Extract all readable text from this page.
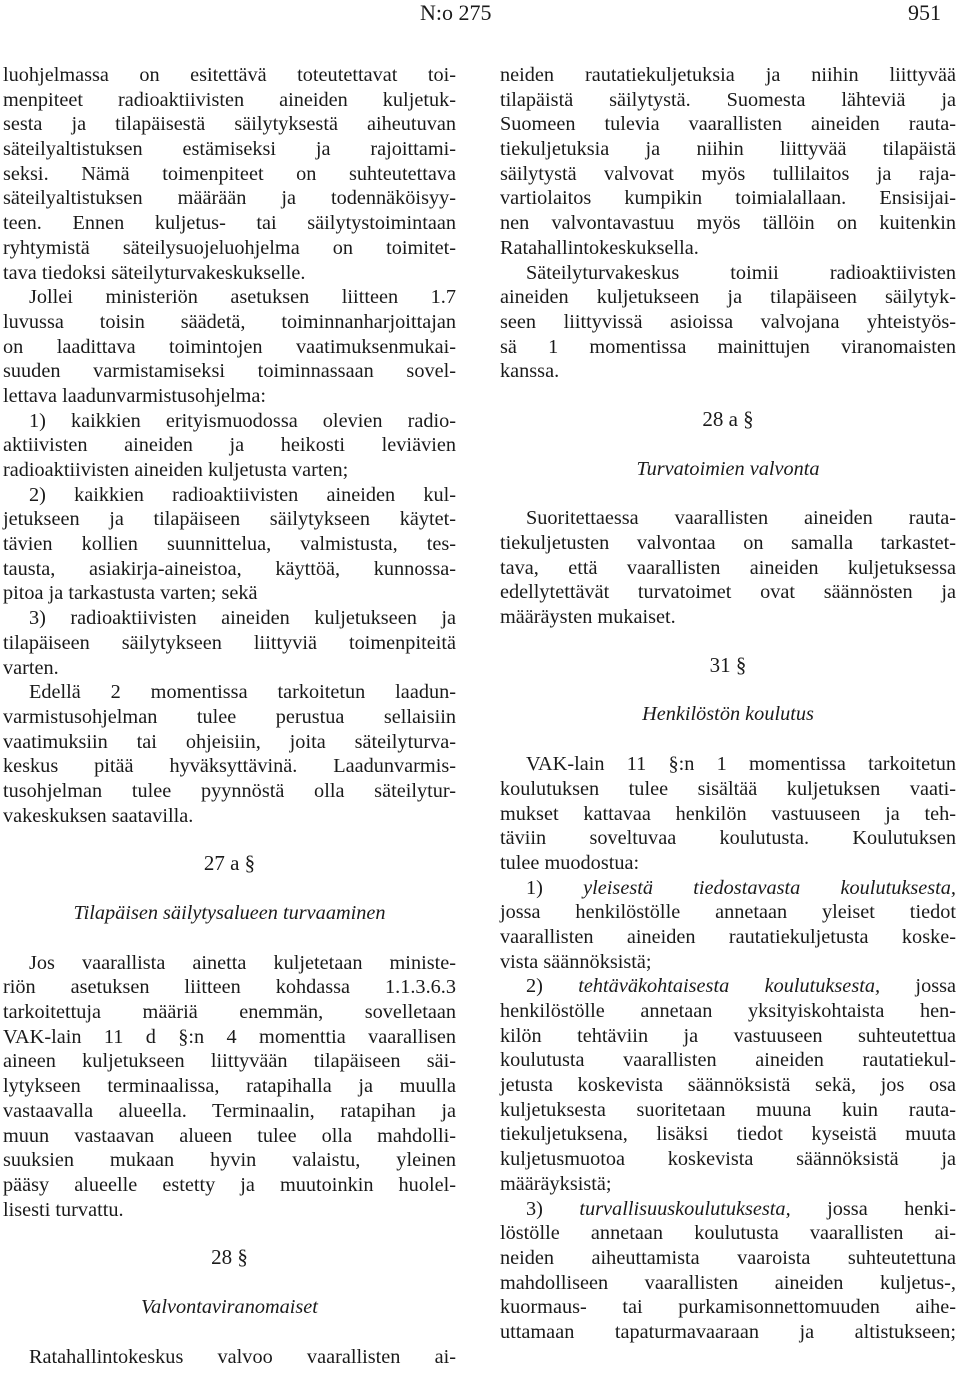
N:o 275	951
luohjelmassa on esitettävä toteutettavat toi-
menpiteet radioaktiivisten aineiden kuljetuk-
sesta ja tilapäisestä säilytyksestä aiheutuvan
säteilyaltistuksen estämiseksi ja rajoittami-
seksi. Nämä toimenpiteet on suhteutettava
säteilyaltistuksen määrään ja todennäköisyy-
teen. Ennen kuljetus- tai säilytystoimintaan
ryhtymistä säteilysuojeluohjelma on toimitet-
tava tiedoksi säteilyturvakeskukselle.
Jollei ministeriön asetuksen liitteen 1.7
luvussa toisin säädetä, toiminnanharjoittajan
on laadittava toimintojen vaatimuksenmukai-
suuden varmistamiseksi toiminnassaan sovel-
lettava laadunvarmistusohjelma:
1) kaikkien erityismuodossa olevien radio-
aktiivisten aineiden ja heikosti leviävien
radioaktiivisten aineiden kuljetusta varten;
2) kaikkien radioaktiivisten aineiden kul-
jetukseen ja tilapäiseen säilytykseen käytet-
tävien kollien suunnittelua, valmistusta, tes-
tausta, asiakirja-aineistoa, käyttöä, kunnossa-
pitoa ja tarkastusta varten; sekä
3) radioaktiivisten aineiden kuljetukseen ja
tilapäiseen säilytykseen liittyviä toimenpiteitä
varten.
Edellä 2 momentissa tarkoitetun laadun-
varmistusohjelman tulee perustua sellaisiin
vaatimuksiin tai ohjeisiin, joita säteilyturva-
keskus pitää hyväksyttävinä. Laadunvarmis-
tusohjelman tulee pyynnöstä olla säteilytur-
vakeskuksen saatavilla.
27 a §
Tilapäisen säilytysalueen turvaaminen
Jos vaarallista ainetta kuljetetaan ministe-
riön asetuksen liitteen kohdassa 1.1.3.6.3
tarkoitettuja määriä enemmän, sovelletaan
VAK-lain 11 d §:n 4 momenttia vaarallisen
aineen kuljetukseen liittyvään tilapäiseen säi-
lytykseen terminaalissa, ratapihalla ja muulla
vastaavalla alueella. Terminaalin, ratapihan ja
muun vastaavan alueen tulee olla mahdolli-
suuksien mukaan hyvin valaistu, yleinen
pääsy alueelle estetty ja muutoinkin huolel-
lisesti turvattu.
28 §
Valvontaviranomaiset
Ratahallintokeskus valvoo vaarallisten ai-
neiden rautatiekuljetuksia ja niihin liittyvää
tilapäistä säilytystä. Suomesta lähteviä ja
Suomeen tulevia vaarallisten aineiden rauta-
tiekuljetuksia ja niihin liittyvää tilapäistä
säilytystä valvovat myös tullilaitos ja raja-
vartiolaitos kumpikin toimialallaan. Ensisijai-
nen valvontavastuu myös tällöin on kuitenkin
Ratahallintokeskuksella.
Säteilyturvakeskus toimii radioaktiivisten
aineiden kuljetukseen ja tilapäiseen säilytyk-
seen liittyvissä asioissa valvojana yhteistyös-
sä 1 momentissa mainittujen viranomaisten
kanssa.
28 a §
Turvatoimien valvonta
Suoritettaessa vaarallisten aineiden rauta-
tiekuljetusten valvontaa on samalla tarkastet-
tava, että vaarallisten aineiden kuljetuksessa
edellytettävät turvatoimet ovat säännösten ja
määräysten mukaiset.
31 §
Henkilöstön koulutus
VAK-lain 11 §:n 1 momentissa tarkoitetun
koulutuksen tulee sisältää kuljetuksen vaati-
mukset kattavaa henkilön vastuuseen ja teh-
täviin soveltuvaa koulutusta. Koulutuksen
tulee muodostua:
1) yleisestä tiedostavasta koulutuksesta,
jossa henkilöstölle annetaan yleiset tiedot
vaarallisten aineiden rautatiekuljetusta koske-
vista säännöksistä;
2) tehtäväkohtaisesta koulutuksesta, jossa
henkilöstölle annetaan yksityiskohtaista hen-
kilön tehtäviin ja vastuuseen suhteutettua
koulutusta vaarallisten aineiden rautatiekul-
jetusta koskevista säännöksistä sekä, jos osa
kuljetuksesta suoritetaan muuna kuin rauta-
tiekuljetuksena, lisäksi tiedot kyseistä muuta
kuljetusmuotoa koskevista säännöksistä ja
määräyksistä;
3) turvallisuuskoulutuksesta, jossa henki-
löstölle annetaan koulutusta vaarallisten ai-
neiden aiheuttamista vaaroista suhteutettuna
mahdolliseen vaarallisten aineiden kuljetus-,
kuormaus- tai purkamisonnettomuuden aihe-
uttamaan tapaturmavaaraan ja altistukseen;
